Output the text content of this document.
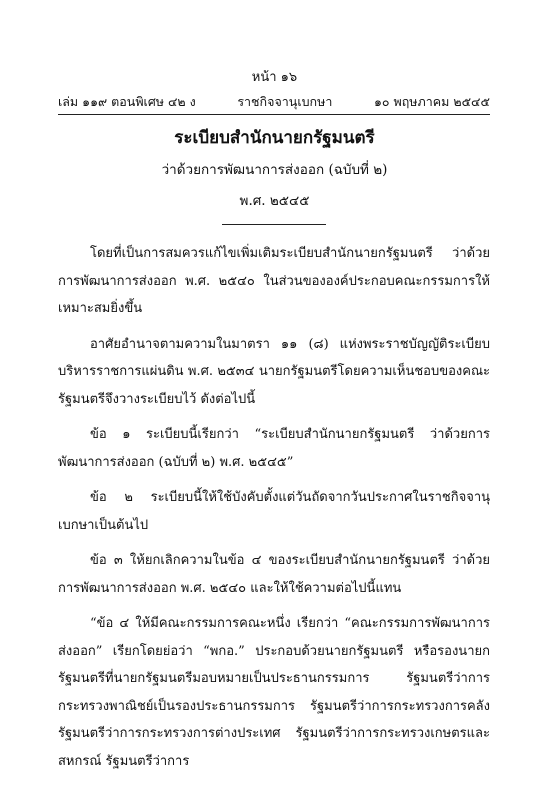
หน้า ๑๖
เล่ม ๑๑๙ ตอนพิเศษ ๔๒ ง	ราชกิจจานุเบกษา	๑๐ พฤษภาคม ๒๕๔๕
ระเบียบสำนักนายกรัฐมนตรี
ว่าด้วยการพัฒนาการส่งออก (ฉบับที่ ๒)
พ.ศ. ๒๕๔๕

โดยที่เป็นการสมควรแก้ไขเพิ่มเติมระเบียบสำนักนายกรัฐมนตรี ว่าด้วยการพัฒนาการส่งออก พ.ศ. ๒๕๔๐ ในส่วนขององค์ประกอบคณะกรรมการให้เหมาะสมยิ่งขึ้น

อาศัยอำนาจตามความในมาตรา ๑๑ (๘) แห่งพระราชบัญญัติระเบียบบริหารราชการแผ่นดิน พ.ศ. ๒๕๓๔ นายกรัฐมนตรีโดยความเห็นชอบของคณะรัฐมนตรีจึงวางระเบียบไว้ ดังต่อไปนี้

ข้อ ๑ ระเบียบนี้เรียกว่า “ระเบียบสำนักนายกรัฐมนตรี ว่าด้วยการพัฒนาการส่งออก (ฉบับที่ ๒) พ.ศ. ๒๕๔๕”

ข้อ ๒ ระเบียบนี้ให้ใช้บังคับตั้งแต่วันถัดจากวันประกาศในราชกิจจานุเบกษาเป็นต้นไป

ข้อ ๓ ให้ยกเลิกความในข้อ ๔ ของระเบียบสำนักนายกรัฐมนตรี ว่าด้วยการพัฒนาการส่งออก พ.ศ. ๒๕๔๐ และให้ใช้ความต่อไปนี้แทน

“ข้อ ๔ ให้มีคณะกรรมการคณะหนึ่ง เรียกว่า “คณะกรรมการพัฒนาการส่งออก” เรียกโดยย่อว่า “พกอ.” ประกอบด้วยนายกรัฐมนตรี หรือรองนายกรัฐมนตรีที่นายกรัฐมนตรีมอบหมายเป็นประธานกรรมการ รัฐมนตรีว่าการกระทรวงพาณิชย์เป็นรองประธานกรรมการ รัฐมนตรีว่าการกระทรวงการคลัง รัฐมนตรีว่าการกระทรวงการต่างประเทศ รัฐมนตรีว่าการกระทรวงเกษตรและสหกรณ์ รัฐมนตรีว่าการ
